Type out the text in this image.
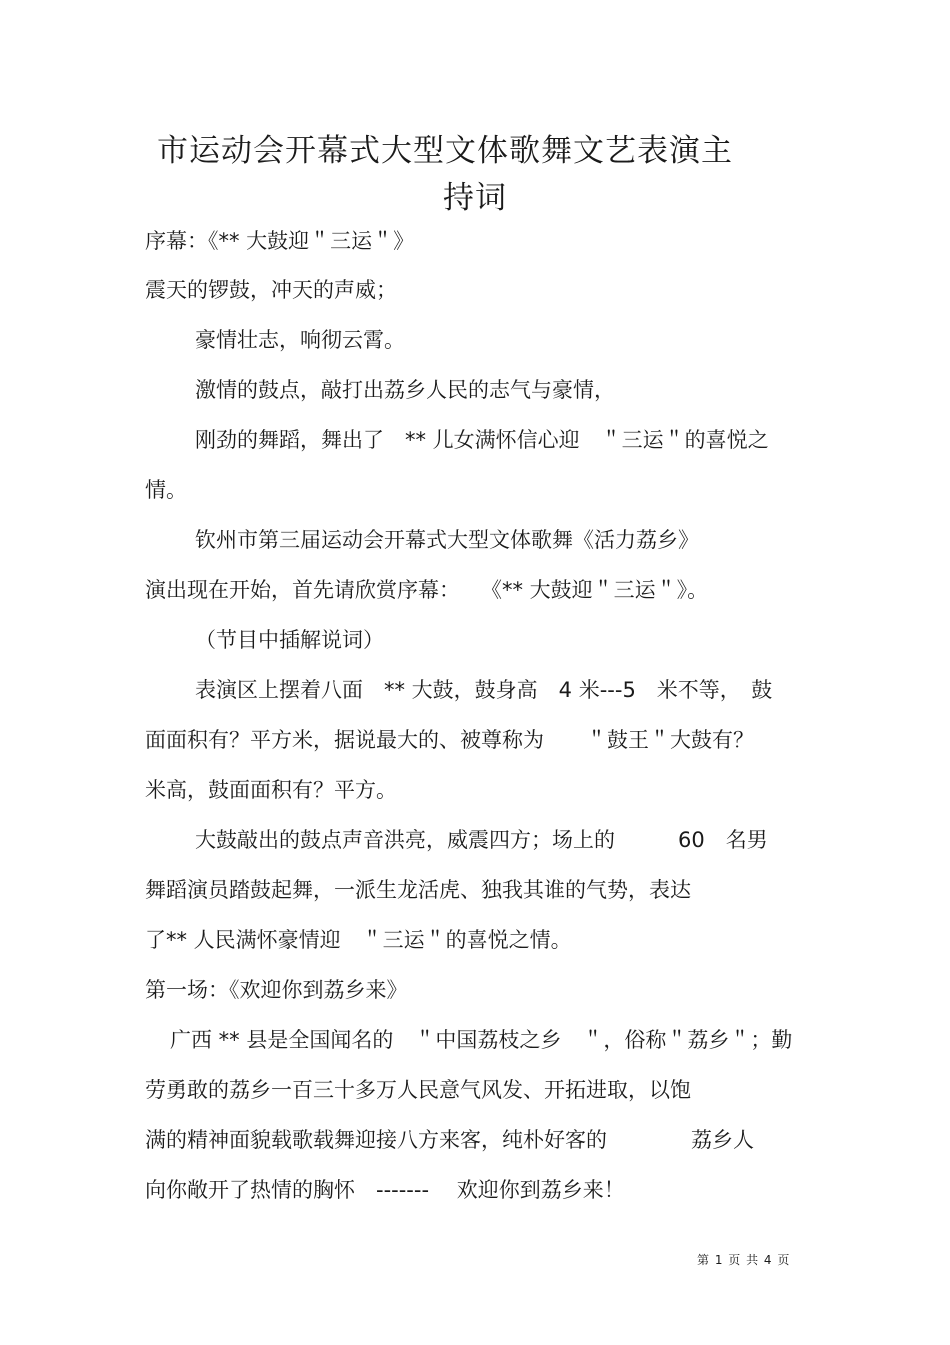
市运动会开幕式大型文体歌舞文艺表演主
持词
序幕：《** 大鼓迎＂三运＂》
震天的锣鼓，冲天的声威；
豪情壮志，响彻云霄。
激情的鼓点，敲打出荔乡人民的志气与豪情，
刚劲的舞蹈，舞出了　** 儿女满怀信心迎　＂三运＂的喜悦之
情。
钦州市第三届运动会开幕式大型文体歌舞《活力荔乡》
演出现在开始，首先请欣赏序幕：　　《** 大鼓迎＂三运＂》。
（节目中插解说词）
表演区上摆着八面　** 大鼓，鼓身高　4 米---5　米不等，　鼓
面面积有？平方米，据说最大的、被尊称为　　＂鼓王＂大鼓有？
米高，鼓面面积有？平方。
大鼓敲出的鼓点声音洪亮，威震四方；场上的　　　60　名男
舞蹈演员踏鼓起舞，一派生龙活虎、独我其谁的气势，表达
了** 人民满怀豪情迎　＂三运＂的喜悦之情。
第一场：《欢迎你到荔乡来》
广西 ** 县是全国闻名的　＂中国荔枝之乡　＂，俗称＂荔乡＂；勤
劳勇敢的荔乡一百三十多万人民意气风发、开拓进取，以饱
满的精神面貌载歌载舞迎接八方来客，纯朴好客的　　　　荔乡人
向你敞开了热情的胸怀　-------　 欢迎你到荔乡来！
第 1 页 共 4 页
